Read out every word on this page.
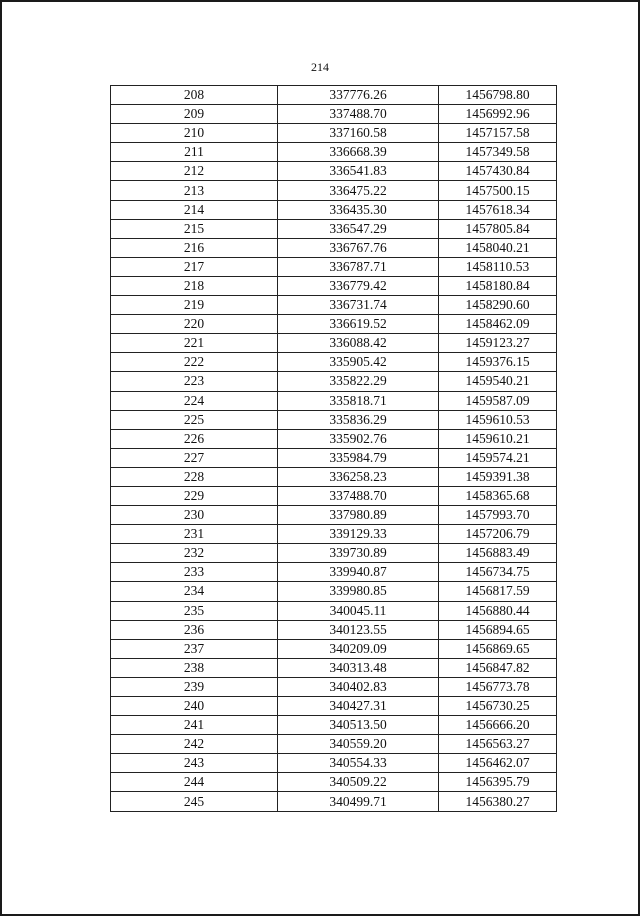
214
208	337776.26	1456798.80
209	337488.70	1456992.96
210	337160.58	1457157.58
211	336668.39	1457349.58
212	336541.83	1457430.84
213	336475.22	1457500.15
214	336435.30	1457618.34
215	336547.29	1457805.84
216	336767.76	1458040.21
217	336787.71	1458110.53
218	336779.42	1458180.84
219	336731.74	1458290.60
220	336619.52	1458462.09
221	336088.42	1459123.27
222	335905.42	1459376.15
223	335822.29	1459540.21
224	335818.71	1459587.09
225	335836.29	1459610.53
226	335902.76	1459610.21
227	335984.79	1459574.21
228	336258.23	1459391.38
229	337488.70	1458365.68
230	337980.89	1457993.70
231	339129.33	1457206.79
232	339730.89	1456883.49
233	339940.87	1456734.75
234	339980.85	1456817.59
235	340045.11	1456880.44
236	340123.55	1456894.65
237	340209.09	1456869.65
238	340313.48	1456847.82
239	340402.83	1456773.78
240	340427.31	1456730.25
241	340513.50	1456666.20
242	340559.20	1456563.27
243	340554.33	1456462.07
244	340509.22	1456395.79
245	340499.71	1456380.27
